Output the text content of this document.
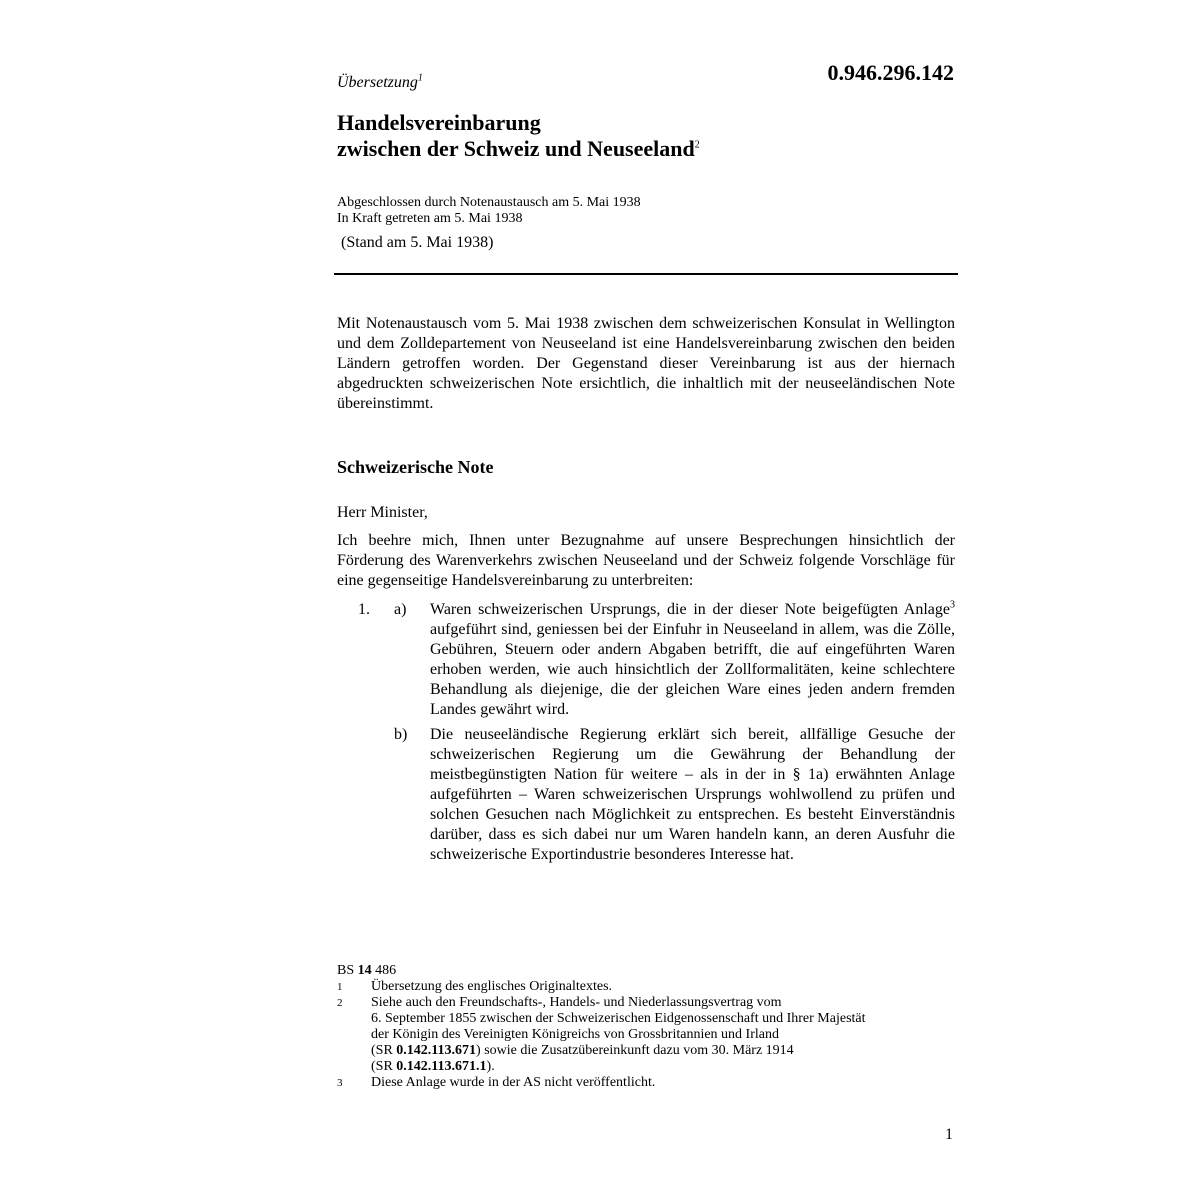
Übersetzung$^1$	0.946.296.142
Handelsvereinbarung
zwischen der Schweiz und Neuseeland$^2$
Abgeschlossen durch Notenaustausch am 5. Mai 1938
In Kraft getreten am 5. Mai 1938
(Stand am 5. Mai 1938)
Mit Notenaustausch vom 5. Mai 1938 zwischen dem schweizerischen Konsulat in Wellington und dem Zolldepartement von Neuseeland ist eine Handelsvereinbarung zwischen den beiden Ländern getroffen worden. Der Gegenstand dieser Vereinbarung ist aus der hiernach abgedruckten schweizerischen Note ersichtlich, die inhaltlich mit der neuseeländischen Note übereinstimmt.
Schweizerische Note
Herr Minister,
Ich beehre mich, Ihnen unter Bezugnahme auf unsere Besprechungen hinsichtlich der Förderung des Warenverkehrs zwischen Neuseeland und der Schweiz folgende Vorschläge für eine gegenseitige Handelsvereinbarung zu unterbreiten:
1. a) Waren schweizerischen Ursprungs, die in der dieser Note beigefügten Anlage$^3$ aufgeführt sind, geniessen bei der Einfuhr in Neuseeland in allem, was die Zölle, Gebühren, Steuern oder andern Abgaben betrifft, die auf eingeführten Waren erhoben werden, wie auch hinsichtlich der Zollformalitäten, keine schlechtere Behandlung als diejenige, die der gleichen Ware eines jeden andern fremden Landes gewährt wird.
b) Die neuseeländische Regierung erklärt sich bereit, allfällige Gesuche der schweizerischen Regierung um die Gewährung der Behandlung der meistbegünstigten Nation für weitere – als in der in § 1a) erwähnten Anlage aufgeführten – Waren schweizerischen Ursprungs wohlwollend zu prüfen und solchen Gesuchen nach Möglichkeit zu entsprechen. Es besteht Einverständnis darüber, dass es sich dabei nur um Waren handeln kann, an deren Ausfuhr die schweizerische Exportindustrie besonderes Interesse hat.
BS 14 486
1	Übersetzung des englisches Originaltextes.
2	Siehe auch den Freundschafts-, Handels- und Niederlassungsvertrag vom
6. September 1855 zwischen der Schweizerischen Eidgenossenschaft und Ihrer Majestät
der Königin des Vereinigten Königreichs von Grossbritannien und Irland
(SR 0.142.113.671) sowie die Zusatzübereinkunft dazu vom 30. März 1914
(SR 0.142.113.671.1).
3	Diese Anlage wurde in der AS nicht veröffentlicht.
1
